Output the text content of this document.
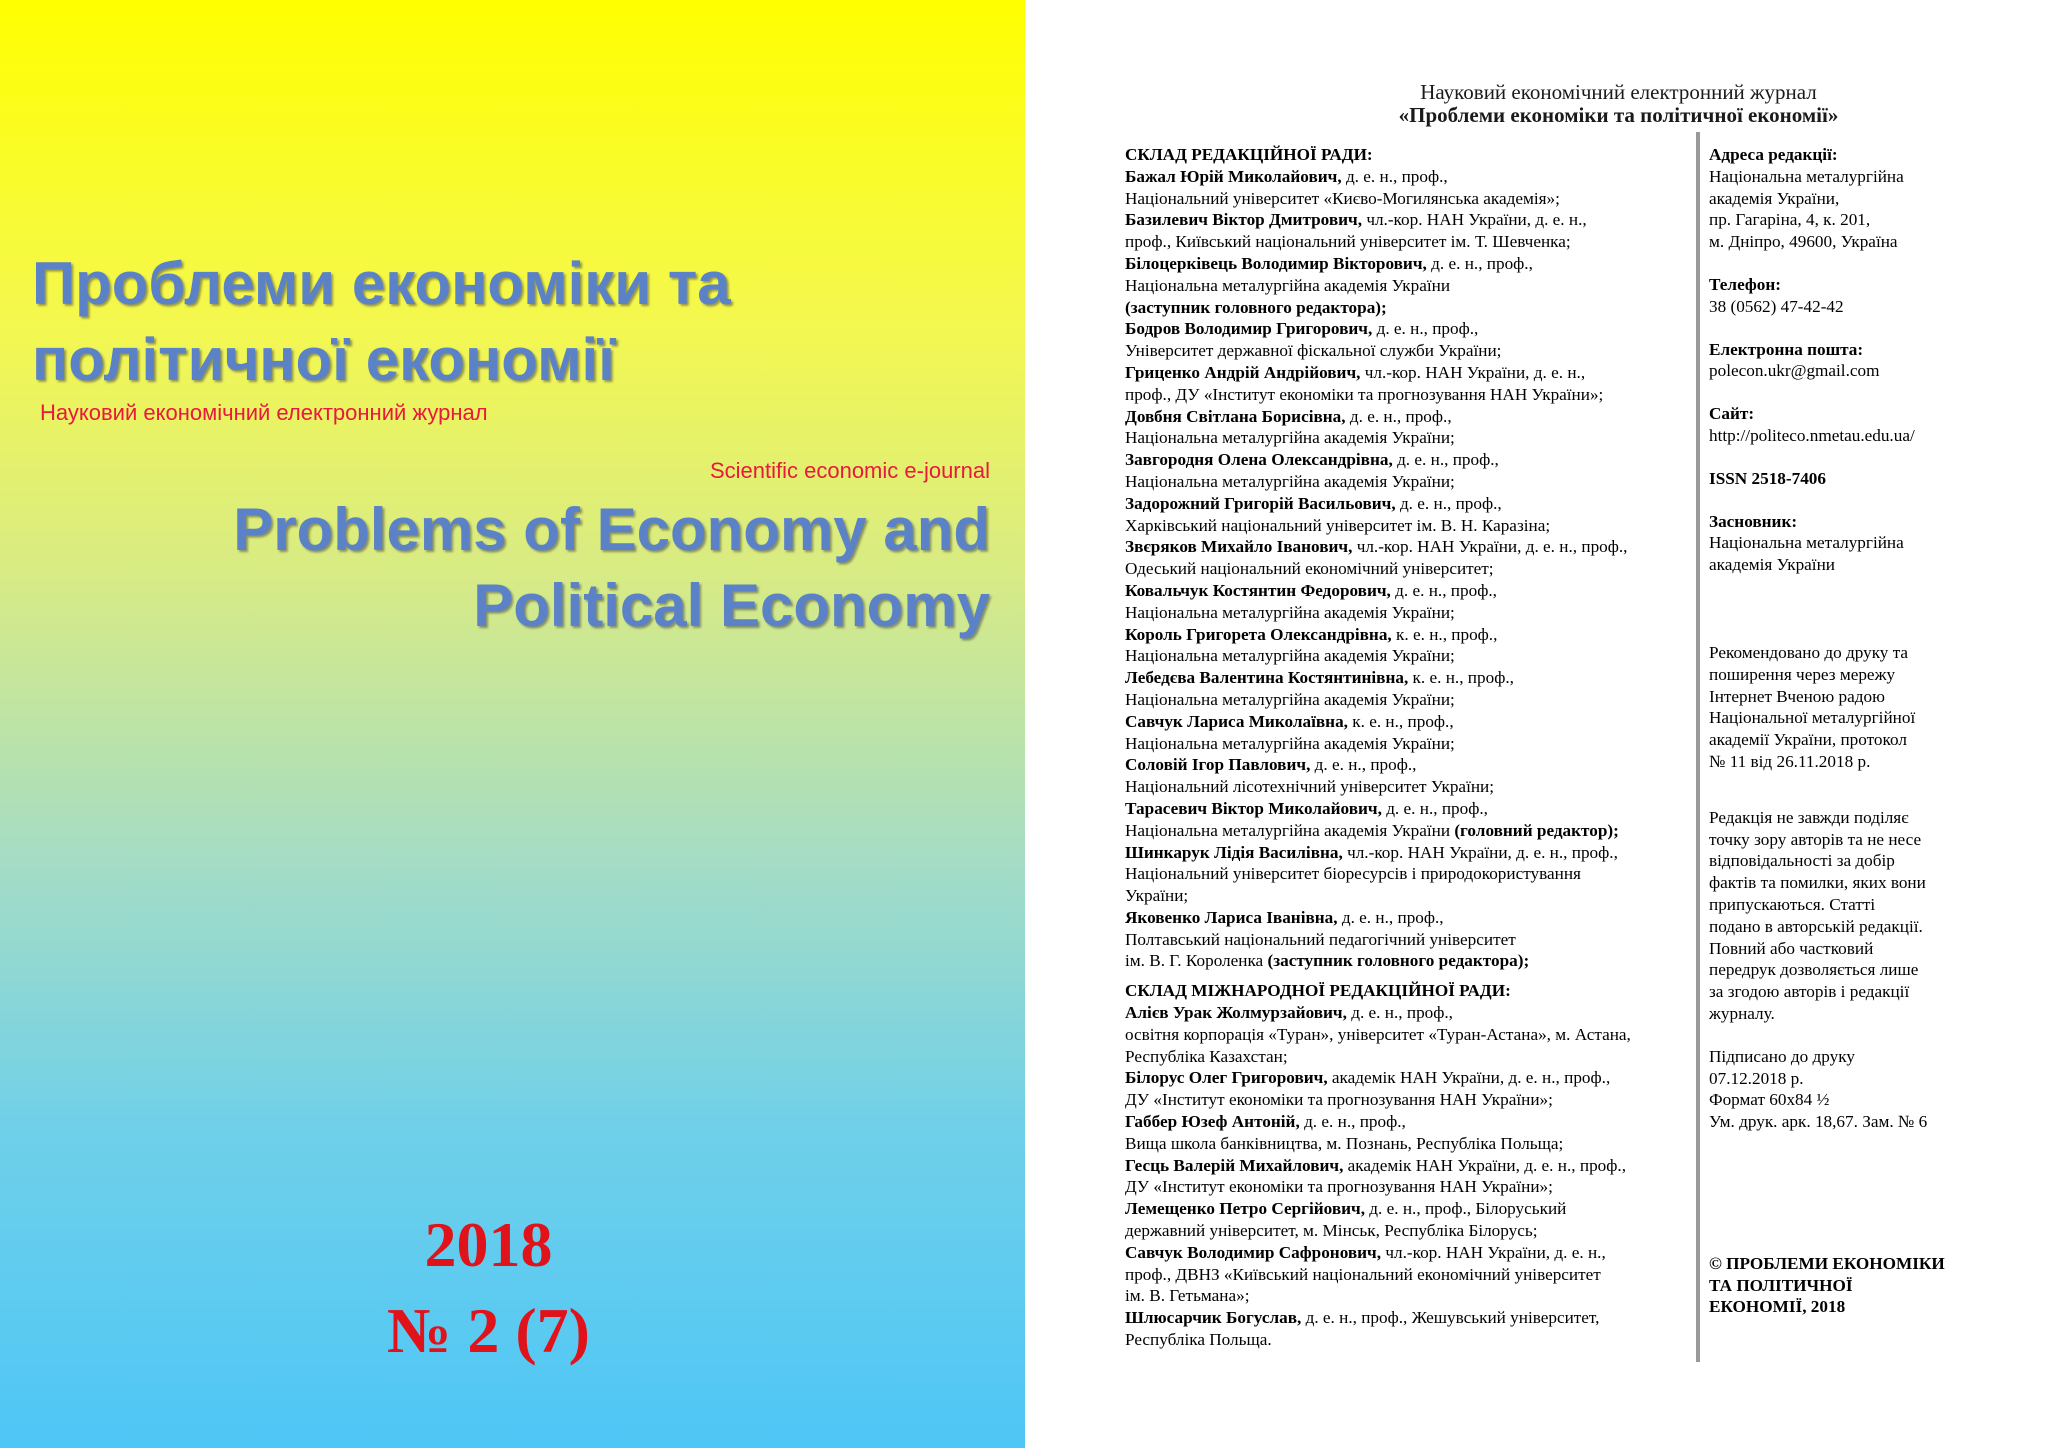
Проблеми економіки та
політичної економії
Науковий економічний електронний журнал
Scientific economic e-journal
Problems of Economy and
Political Economy
2018
№ 2 (7)
Науковий економічний електронний журнал
«Проблеми економіки та політичної економії»
СКЛАД РЕДАКЦІЙНОЇ РАДИ:
Бажал Юрій Миколайович, д. е. н., проф.,
Національний університет «Києво-Могилянська академія»;
Базилевич Віктор Дмитрович, чл.-кор. НАН України, д. е. н.,
проф., Київський національний університет ім. Т. Шевченка;
Білоцерківець Володимир Вікторович, д. е. н., проф.,
Національна металургійна академія України
(заступник головного редактора);
Бодров Володимир Григорович, д. е. н., проф.,
Університет державної фіскальної служби України;
Гриценко Андрій Андрійович, чл.-кор. НАН України, д. е. н.,
проф., ДУ «Інститут економіки та прогнозування НАН України»;
Довбня Світлана Борисівна, д. е. н., проф.,
Національна металургійна академія України;
Завгородня Олена Олександрівна, д. е. н., проф.,
Національна металургійна академія України;
Задорожний Григорій Васильович, д. е. н., проф.,
Харківський національний університет ім. В. Н. Каразіна;
Звєряков Михайло Іванович, чл.-кор. НАН України, д. е. н., проф.,
Одеський національний економічний університет;
Ковальчук Костянтин Федорович, д. е. н., проф.,
Національна металургійна академія України;
Король Григорета Олександрівна, к. е. н., проф.,
Національна металургійна академія України;
Лебедєва Валентина Костянтинівна, к. е. н., проф.,
Національна металургійна академія України;
Савчук Лариса Миколаївна, к. е. н., проф.,
Національна металургійна академія України;
Соловій Ігор Павлович, д. е. н., проф.,
Національний лісотехнічний університет України;
Тарасевич Віктор Миколайович, д. е. н., проф.,
Національна металургійна академія України (головний редактор);
Шинкарук Лідія Василівна, чл.-кор. НАН України, д. е. н., проф.,
Національний університет біоресурсів і природокористування
України;
Яковенко Лариса Іванівна, д. е. н., проф.,
Полтавський національний педагогічний університет
ім. В. Г. Короленка (заступник головного редактора);
СКЛАД МІЖНАРОДНОЇ РЕДАКЦІЙНОЇ РАДИ:
Алієв Урак Жолмурзайович, д. е. н., проф.,
освітня корпорація «Туран», університет «Туран-Астана», м. Астана,
Республіка Казахстан;
Білорус Олег Григорович, академік НАН України, д. е. н., проф.,
ДУ «Інститут економіки та прогнозування НАН України»;
Габбер Юзеф Антоній, д. е. н., проф.,
Вища школа банківництва, м. Познань, Республіка Польща;
Гесць Валерій Михайлович, академік НАН України, д. е. н., проф.,
ДУ «Інститут економіки та прогнозування НАН України»;
Лемещенко Петро Сергійович, д. е. н., проф., Білоруський
державний університет, м. Мінськ, Республіка Білорусь;
Савчук Володимир Сафронович, чл.-кор. НАН України, д. е. н.,
проф., ДВНЗ «Київський національний економічний університет
ім. В. Гетьмана»;
Шлюсарчик Богуслав, д. е. н., проф., Жешувський університет,
Республіка Польща.
Адреса редакції:
Національна металургійна
академія України,
пр. Гагаріна, 4, к. 201,
м. Дніпро, 49600, Україна
Телефон:
38 (0562) 47-42-42
Електронна пошта:
polecon.ukr@gmail.com
Сайт:
http://politeco.nmetau.edu.ua/
ISSN 2518-7406
Засновник:
Національна металургійна
академія України
Рекомендовано до друку та
поширення через мережу
Інтернет Вченою радою
Національної металургійної
академії України, протокол
№ 11 від 26.11.2018 р.
Редакція не завжди поділяє
точку зору авторів та не несе
відповідальності за добір
фактів та помилки, яких вони
припускаються. Статті
подано в авторській редакції.
Повний або частковий
передрук дозволяється лише
за згодою авторів і редакції
журналу.
Підписано до друку
07.12.2018 р.
Формат 60х84 ½
Ум. друк. арк. 18,67. Зам. № 6
© ПРОБЛЕМИ ЕКОНОМІКИ
ТА ПОЛІТИЧНОЇ
ЕКОНОМІЇ, 2018
